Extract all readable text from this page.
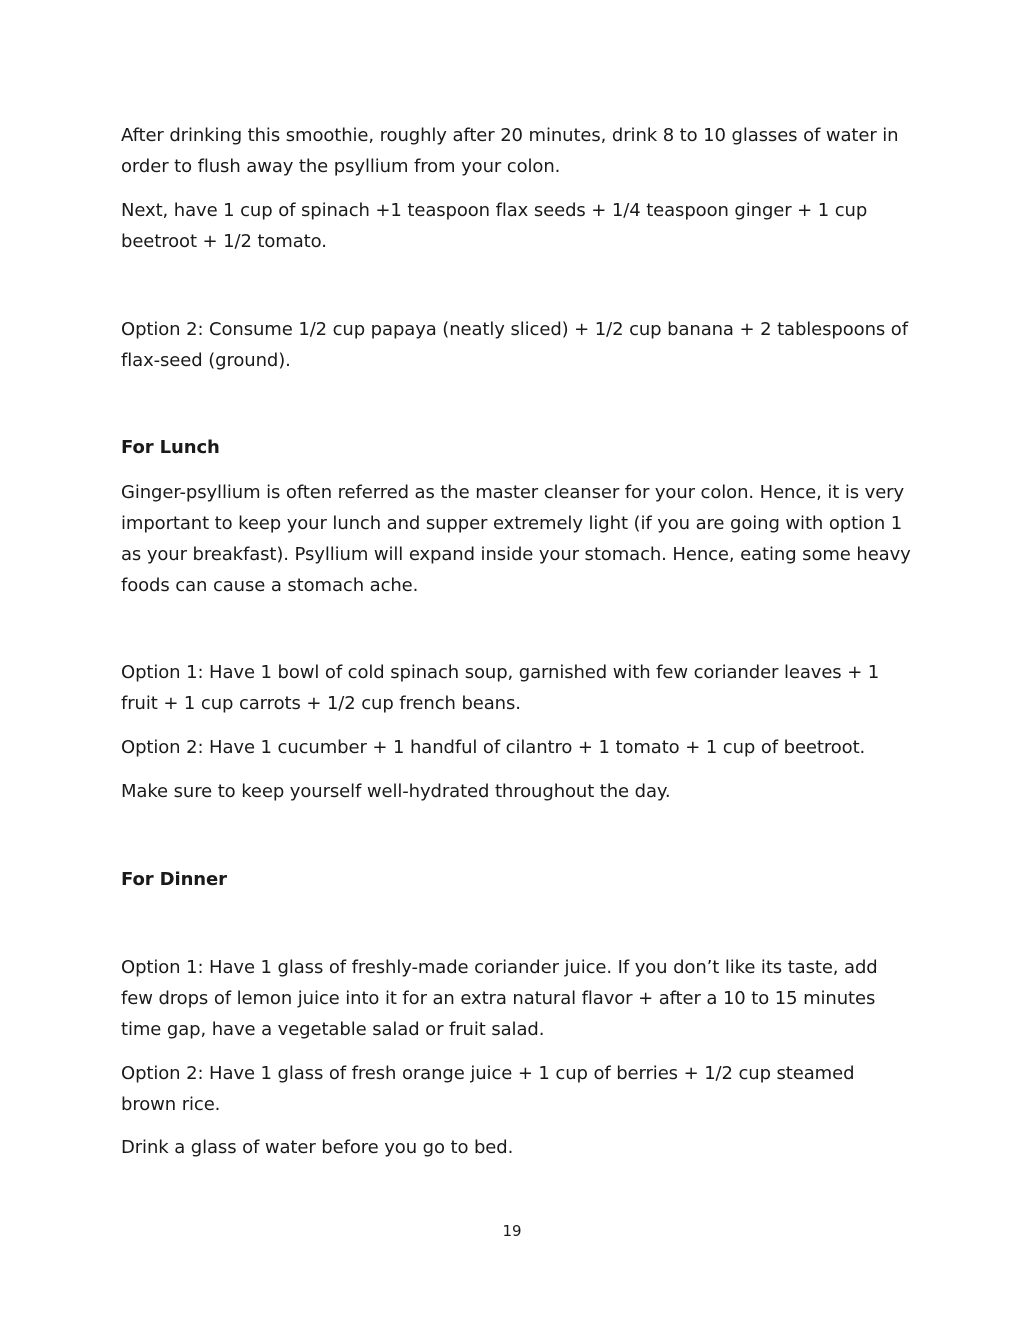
After drinking this smoothie, roughly after 20 minutes, drink 8 to 10 glasses of water in order to flush away the psyllium from your colon.

Next, have 1 cup of spinach +1 teaspoon flax seeds + 1/4 teaspoon ginger + 1 cup beetroot + 1/2 tomato.

Option 2: Consume 1/2 cup papaya (neatly sliced) + 1/2 cup banana + 2 tablespoons of flax-seed (ground).

For Lunch

Ginger-psyllium is often referred as the master cleanser for your colon. Hence, it is very important to keep your lunch and supper extremely light (if you are going with option 1 as your breakfast). Psyllium will expand inside your stomach. Hence, eating some heavy foods can cause a stomach ache.

Option 1: Have 1 bowl of cold spinach soup, garnished with few coriander leaves + 1 fruit + 1 cup carrots + 1/2 cup french beans.

Option 2: Have 1 cucumber + 1 handful of cilantro + 1 tomato + 1 cup of beetroot.

Make sure to keep yourself well-hydrated throughout the day.

For Dinner

Option 1: Have 1 glass of freshly-made coriander juice. If you don’t like its taste, add few drops of lemon juice into it for an extra natural flavor + after a 10 to 15 minutes time gap, have a vegetable salad or fruit salad.

Option 2: Have 1 glass of fresh orange juice + 1 cup of berries + 1/2 cup steamed brown rice.

Drink a glass of water before you go to bed.

19
